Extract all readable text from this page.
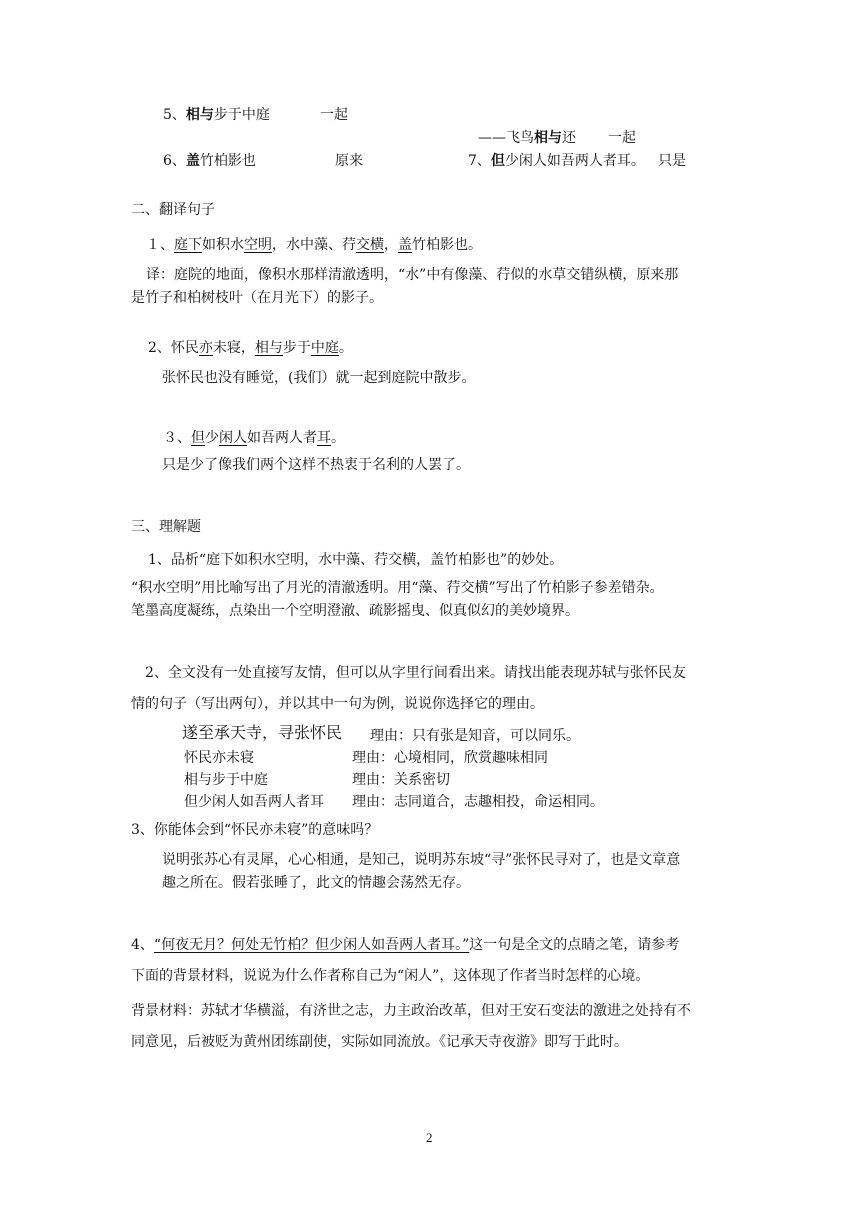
5、相与步于中庭	一起
——飞鸟相与还 一起
6、盖竹柏影也	原来	7、但少闲人如吾两人者耳。 只是
二、翻译句子
１、庭下如积水空明，水中藻、荇交横，盖竹柏影也。
译：庭院的地面，像积水那样清澈透明，“水”中有像藻、荇似的水草交错纵横，原来那
是竹子和柏树枝叶（在月光下）的影子。
2、怀民亦未寝，相与步于中庭。
张怀民也没有睡觉，(我们）就一起到庭院中散步。
３、但少闲人如吾两人者耳。
只是少了像我们两个这样不热衷于名利的人罢了。
三、理解题
1、品析“庭下如积水空明，水中藻、荇交横，盖竹柏影也”的妙处。
“积水空明”用比喻写出了月光的清澈透明。用“藻、荇交横”写出了竹柏影子参差错杂。
笔墨高度凝练，点染出一个空明澄澈、疏影摇曳、似真似幻的美妙境界。
2、全文没有一处直接写友情，但可以从字里行间看出来。请找出能表现苏轼与张怀民友
情的句子（写出两句），并以其中一句为例，说说你选择它的理由。
遂至承天寺，寻张怀民 理由：只有张是知音，可以同乐。
怀民亦未寝	理由：心境相同，欣赏趣味相同
相与步于中庭	理由：关系密切
但少闲人如吾两人者耳 理由：志同道合，志趣相投，命运相同。
3、你能体会到“怀民亦未寝”的意味吗？
说明张苏心有灵犀，心心相通，是知己，说明苏东坡“寻”张怀民寻对了，也是文章意
趣之所在。假若张睡了，此文的情趣会荡然无存。
4、“何夜无月？何处无竹柏？但少闲人如吾两人者耳。”这一句是全文的点睛之笔，请参考
下面的背景材料，说说为什么作者称自己为“闲人”，这体现了作者当时怎样的心境。
背景材料：苏轼才华横溢，有济世之志，力主政治改革，但对王安石变法的激进之处持有不
同意见，后被贬为黄州团练副使，实际如同流放。《记承天寺夜游》即写于此时。
2
